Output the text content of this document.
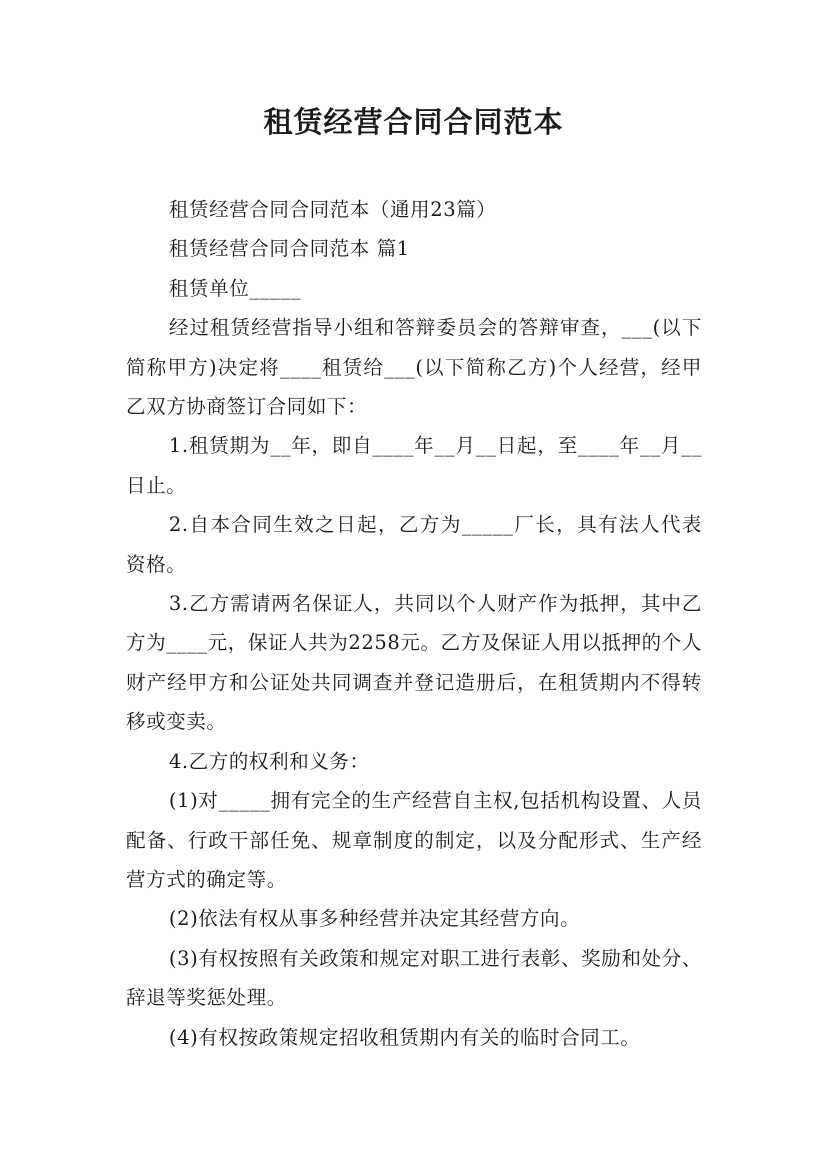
租赁经营合同合同范本

租赁经营合同合同范本（通用23篇）

租赁经营合同合同范本 篇1

租赁单位_____

经过租赁经营指导小组和答辩委员会的答辩审查，___(以下简称甲方)决定将____租赁给___(以下简称乙方)个人经营，经甲乙双方协商签订合同如下：

1.租赁期为__年，即自____年__月__日起，至____年__月__日止。

2.自本合同生效之日起，乙方为_____厂长，具有法人代表资格。

3.乙方需请两名保证人，共同以个人财产作为抵押，其中乙方为____元，保证人共为2258元。乙方及保证人用以抵押的个人财产经甲方和公证处共同调查并登记造册后，在租赁期内不得转移或变卖。

4.乙方的权利和义务：

(1)对_____拥有完全的生产经营自主权,包括机构设置、人员配备、行政干部任免、规章制度的制定，以及分配形式、生产经营方式的确定等。

(2)依法有权从事多种经营并决定其经营方向。

(3)有权按照有关政策和规定对职工进行表彰、奖励和处分、辞退等奖惩处理。

(4)有权按政策规定招收租赁期内有关的临时合同工。
